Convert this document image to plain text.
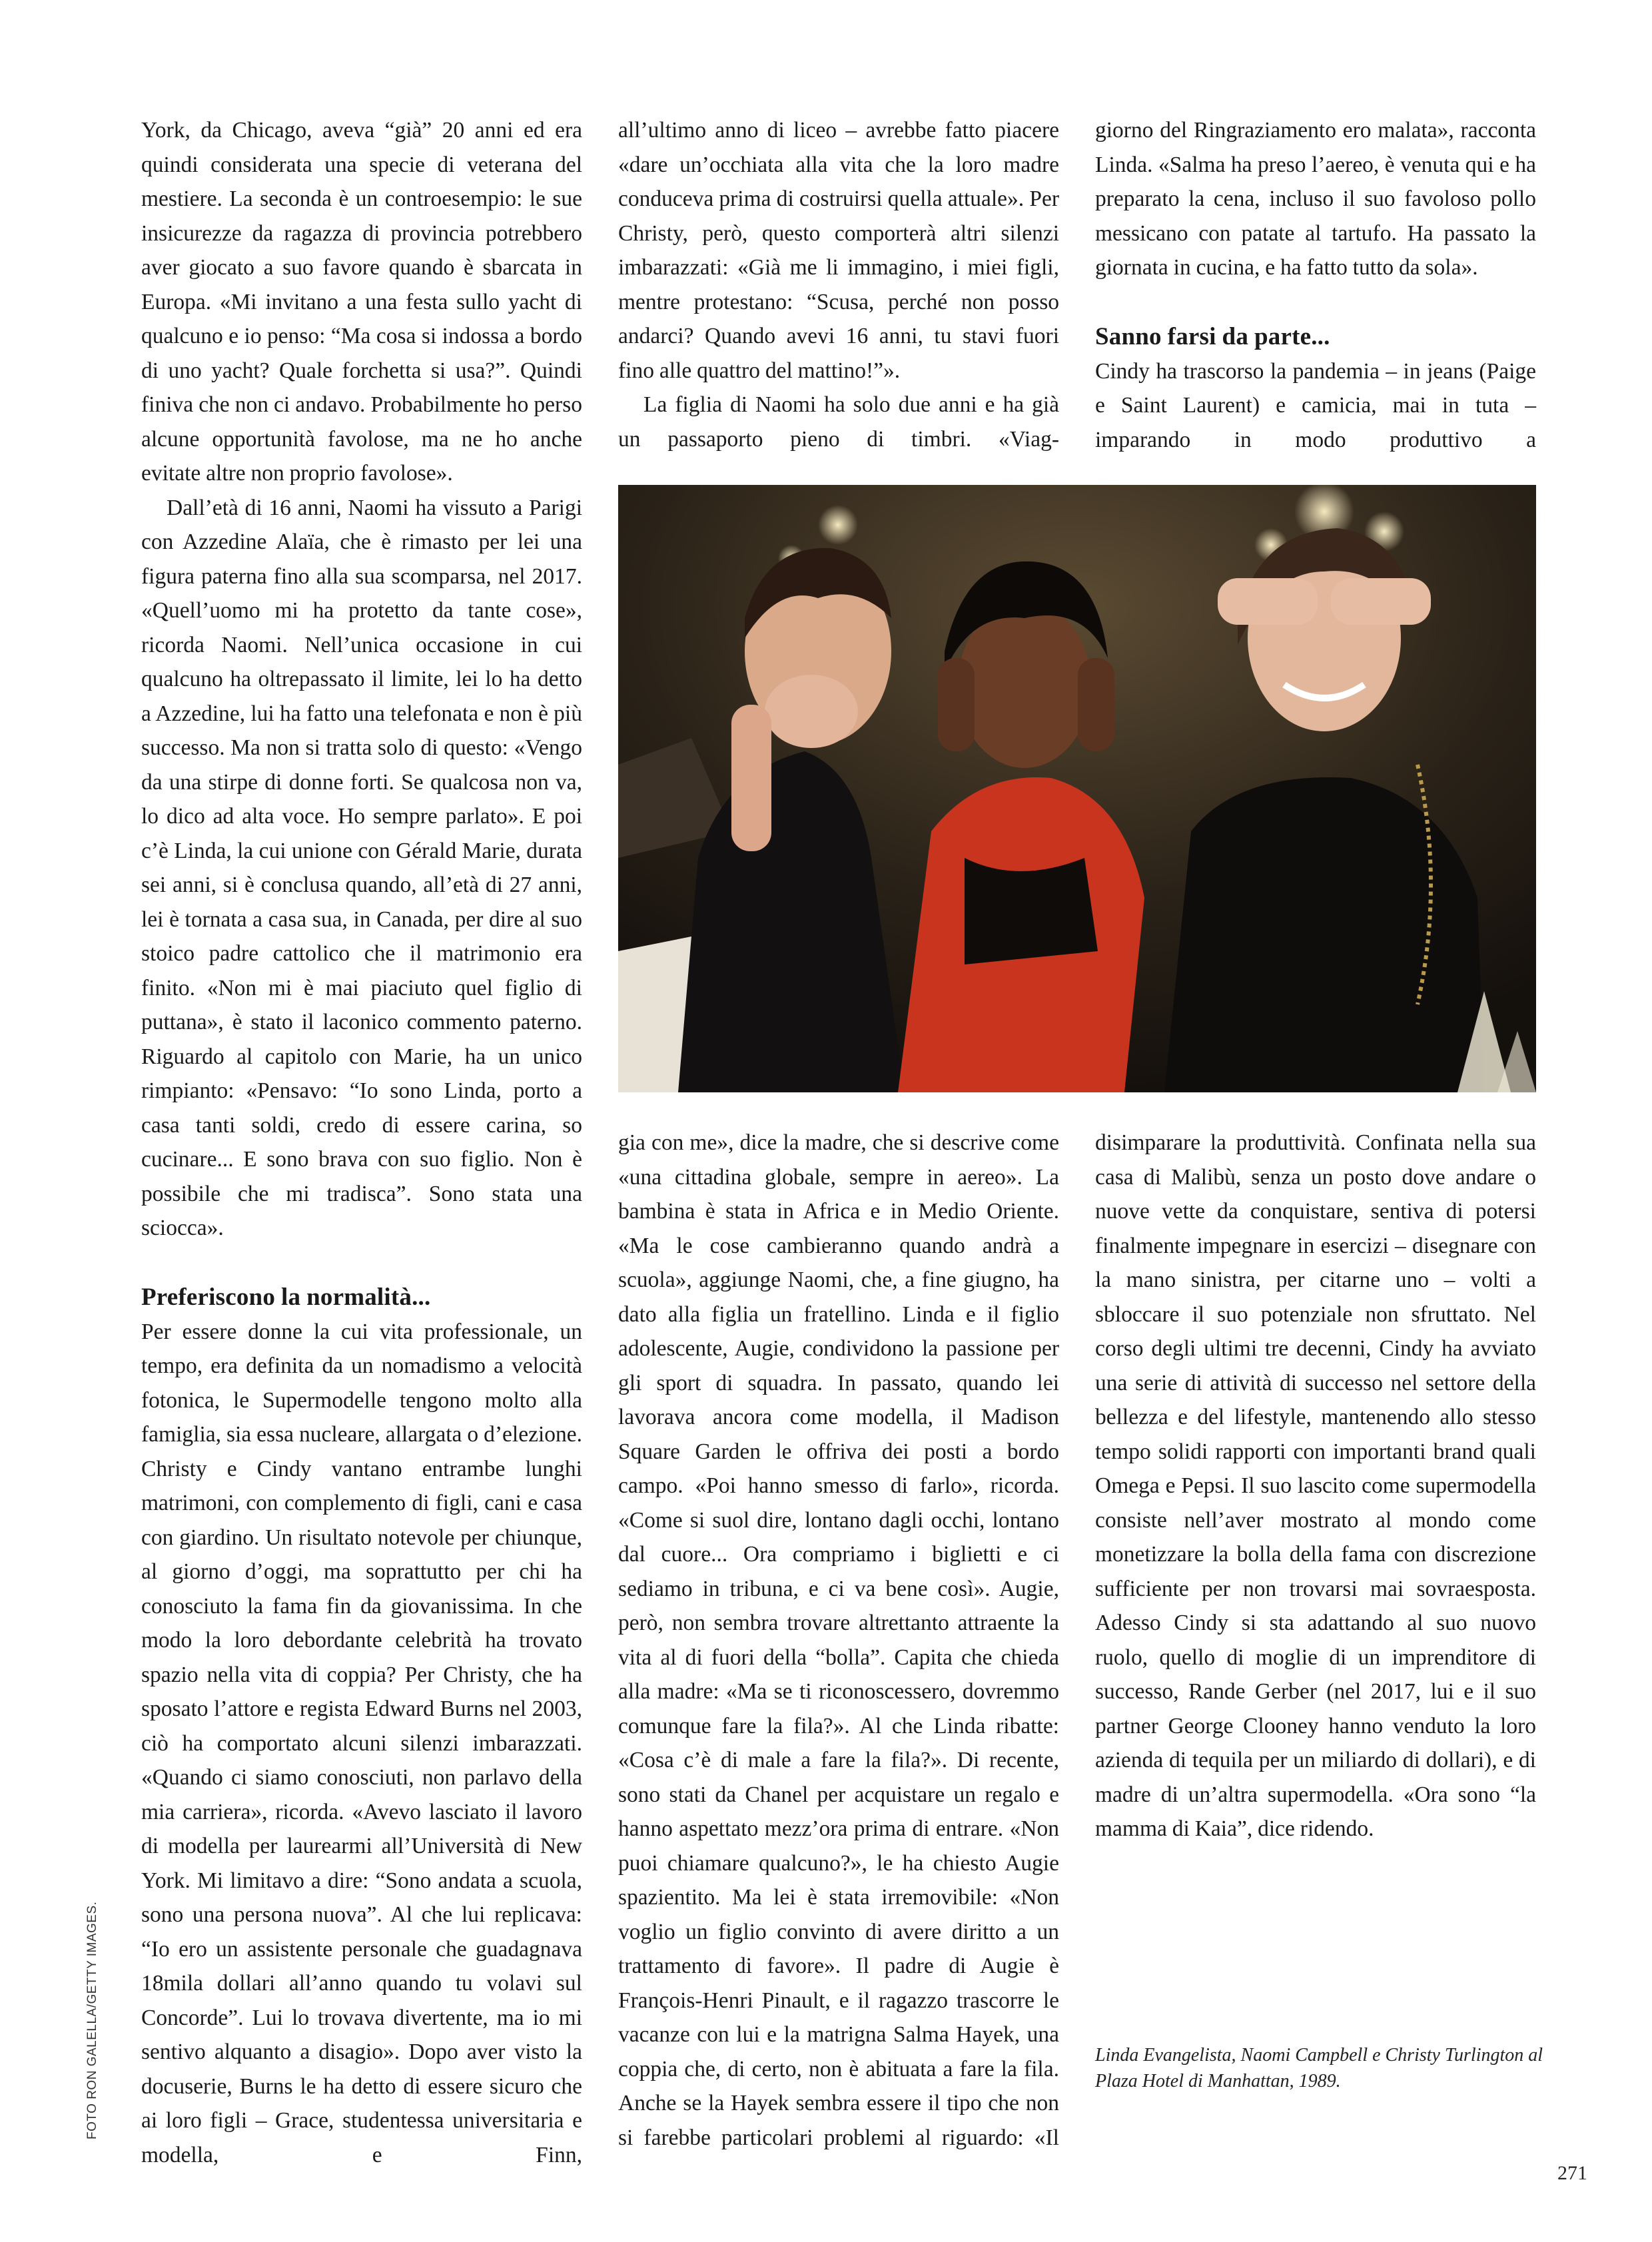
York, da Chicago, aveva “già” 20 anni ed era quindi considerata una specie di veterana del mestiere. La seconda è un controesempio: le sue insicurezze da ragazza di provincia potrebbero aver giocato a suo favore quando è sbarcata in Europa. «Mi invitano a una festa sullo yacht di qualcuno e io penso: “Ma cosa si indossa a bordo di uno yacht? Quale forchetta si usa?”. Quindi finiva che non ci andavo. Probabilmente ho perso alcune opportunità favolose, ma ne ho anche evitate altre non proprio favolose».

Dall’età di 16 anni, Naomi ha vissuto a Parigi con Azzedine Alaïa, che è rimasto per lei una figura paterna fino alla sua scomparsa, nel 2017. «Quell’uomo mi ha protetto da tante cose», ricorda Naomi. Nell’unica occasione in cui qualcuno ha oltrepassato il limite, lei lo ha detto a Azzedine, lui ha fatto una telefonata e non è più successo. Ma non si tratta solo di questo: «Vengo da una stirpe di donne forti. Se qualcosa non va, lo dico ad alta voce. Ho sempre parlato». E poi c’è Linda, la cui unione con Gérald Marie, durata sei anni, si è conclusa quando, all’età di 27 anni, lei è tornata a casa sua, in Canada, per dire al suo stoico padre cattolico che il matrimonio era finito. «Non mi è mai piaciuto quel figlio di puttana», è stato il laconico commento paterno. Riguardo al capitolo con Marie, ha un unico rimpianto: «Pensavo: “Io sono Linda, porto a casa tanti soldi, credo di essere carina, so cucinare... E sono brava con suo figlio. Non è possibile che mi tradisca”. Sono stata una sciocca».

Preferiscono la normalità...

Per essere donne la cui vita professionale, un tempo, era definita da un nomadismo a velocità fotonica, le Supermodelle tengono molto alla famiglia, sia essa nucleare, allargata o d’elezione. Christy e Cindy vantano entrambe lunghi matrimoni, con complemento di figli, cani e casa con giardino. Un risultato notevole per chiunque, al giorno d’oggi, ma soprattutto per chi ha conosciuto la fama fin da giovanissima. In che modo la loro debordante celebrità ha trovato spazio nella vita di coppia? Per Christy, che ha sposato l’attore e regista Edward Burns nel 2003, ciò ha comportato alcuni silenzi imbarazzati. «Quando ci siamo conosciuti, non parlavo della mia carriera», ricorda. «Avevo lasciato il lavoro di modella per laurearmi all’Università di New York. Mi limitavo a dire: “Sono andata a scuola, sono una persona nuova”. Al che lui replicava: “Io ero un assistente personale che guadagnava 18mila dollari all’anno quando tu volavi sul Concorde”. Lui lo trovava divertente, ma io mi sentivo alquanto a disagio». Dopo aver visto la docuserie, Burns le ha detto di essere sicuro che ai loro figli – Grace, studentessa universitaria e modella, e Finn,

all’ultimo anno di liceo – avrebbe fatto piacere «dare un’occhiata alla vita che la loro madre conduceva prima di costruirsi quella attuale». Per Christy, però, questo comporterà altri silenzi imbarazzati: «Già me li immagino, i miei figli, mentre protestano: “Scusa, perché non posso andarci? Quando avevi 16 anni, tu stavi fuori fino alle quattro del mattino!”».

La figlia di Naomi ha solo due anni e ha già un passaporto pieno di timbri. «Viag-

giorno del Ringraziamento ero malata», racconta Linda. «Salma ha preso l’aereo, è venuta qui e ha preparato la cena, incluso il suo favoloso pollo messicano con patate al tartufo. Ha passato la giornata in cucina, e ha fatto tutto da sola».

Sanno farsi da parte...

Cindy ha trascorso la pandemia – in jeans (Paige e Saint Laurent) e camicia, mai in tuta – imparando in modo produttivo a

gia con me», dice la madre, che si descrive come «una cittadina globale, sempre in aereo». La bambina è stata in Africa e in Medio Oriente. «Ma le cose cambieranno quando andrà a scuola», aggiunge Naomi, che, a fine giugno, ha dato alla figlia un fratellino. Linda e il figlio adolescente, Augie, condividono la passione per gli sport di squadra. In passato, quando lei lavorava ancora come modella, il Madison Square Garden le offriva dei posti a bordo campo. «Poi hanno smesso di farlo», ricorda. «Come si suol dire, lontano dagli occhi, lontano dal cuore... Ora compriamo i biglietti e ci sediamo in tribuna, e ci va bene così». Augie, però, non sembra trovare altrettanto attraente la vita al di fuori della “bolla”. Capita che chieda alla madre: «Ma se ti riconoscessero, dovremmo comunque fare la fila?». Al che Linda ribatte: «Cosa c’è di male a fare la fila?». Di recente, sono stati da Chanel per acquistare un regalo e hanno aspettato mezz’ora prima di entrare. «Non puoi chiamare qualcuno?», le ha chiesto Augie spazientito. Ma lei è stata irremovibile: «Non voglio un figlio convinto di avere diritto a un trattamento di favore». Il padre di Augie è François-Henri Pinault, e il ragazzo trascorre le vacanze con lui e la matrigna Salma Hayek, una coppia che, di certo, non è abituata a fare la fila. Anche se la Hayek sembra essere il tipo che non si farebbe particolari problemi al riguardo: «Il

disimparare la produttività. Confinata nella sua casa di Malibù, senza un posto dove andare o nuove vette da conquistare, sentiva di potersi finalmente impegnare in esercizi – disegnare con la mano sinistra, per citarne uno – volti a sbloccare il suo potenziale non sfruttato. Nel corso degli ultimi tre decenni, Cindy ha avviato una serie di attività di successo nel settore della bellezza e del lifestyle, mantenendo allo stesso tempo solidi rapporti con importanti brand quali Omega e Pepsi. Il suo lascito come supermodella consiste nell’aver mostrato al mondo come monetizzare la bolla della fama con discrezione sufficiente per non trovarsi mai sovraesposta. Adesso Cindy si sta adattando al suo nuovo ruolo, quello di moglie di un imprenditore di successo, Rande Gerber (nel 2017, lui e il suo partner George Clooney hanno venduto la loro azienda di tequila per un miliardo di dollari), e di madre di un’altra supermodella. «Ora sono “la mamma di Kaia”, dice ridendo.

Linda Evangelista, Naomi Campbell e Christy Turlington al Plaza Hotel di Manhattan, 1989.
FOTO RON GALELLA/GETTY IMAGES.
271
